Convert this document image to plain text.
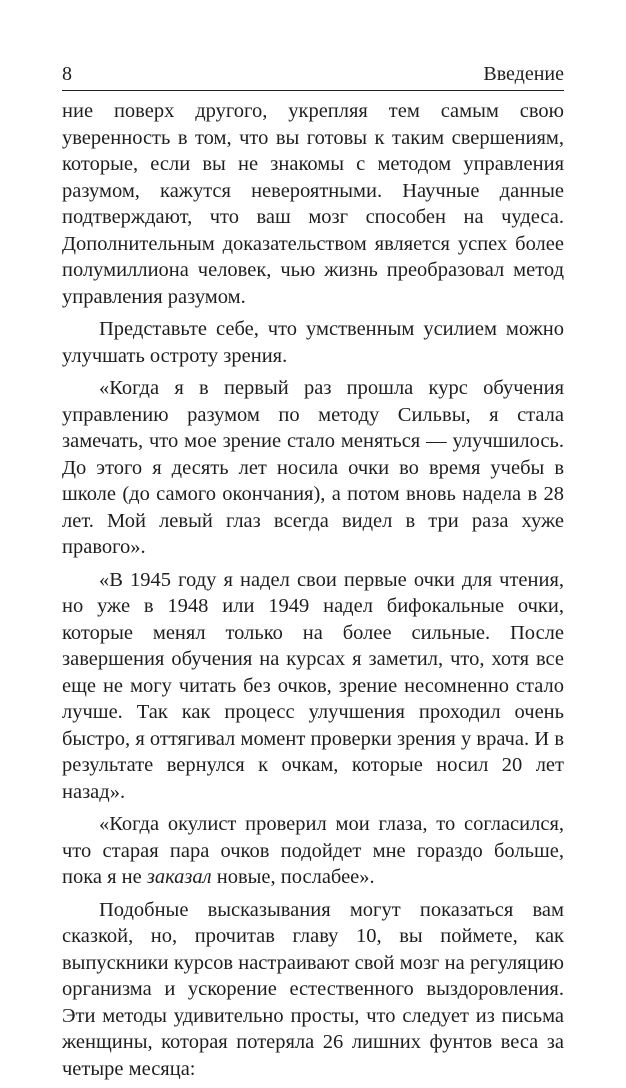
8	Введение

ние поверх другого, укрепляя тем самым свою уверенность в том, что вы готовы к таким свершениям, которые, если вы не знакомы с методом управления разумом, кажутся невероятными. Научные данные подтверждают, что ваш мозг способен на чудеса. Дополнительным доказательством является успех более полумиллиона человек, чью жизнь преобразовал метод управления разумом.

Представьте себе, что умственным усилием можно улучшать остроту зрения.

«Когда я в первый раз прошла курс обучения управлению разумом по методу Сильвы, я стала замечать, что мое зрение стало меняться — улучшилось. До этого я десять лет носила очки во время учебы в школе (до самого окончания), а потом вновь надела в 28 лет. Мой левый глаз всегда видел в три раза хуже правого».

«В 1945 году я надел свои первые очки для чтения, но уже в 1948 или 1949 надел бифокальные очки, которые менял только на более сильные. После завершения обучения на курсах я заметил, что, хотя все еще не могу читать без очков, зрение несомненно стало лучше. Так как процесс улучшения проходил очень быстро, я оттягивал момент проверки зрения у врача. И в результате вернулся к очкам, которые носил 20 лет назад».

«Когда окулист проверил мои глаза, то согласился, что старая пара очков подойдет мне гораздо больше, пока я не заказал новые, послабее».

Подобные высказывания могут показаться вам сказкой, но, прочитав главу 10, вы поймете, как выпускники курсов настраивают свой мозг на регуляцию организма и ускорение естественного выздоровления. Эти методы удивительно просты, что следует из письма женщины, которая потеряла 26 лишних фунтов веса за четыре месяца:
